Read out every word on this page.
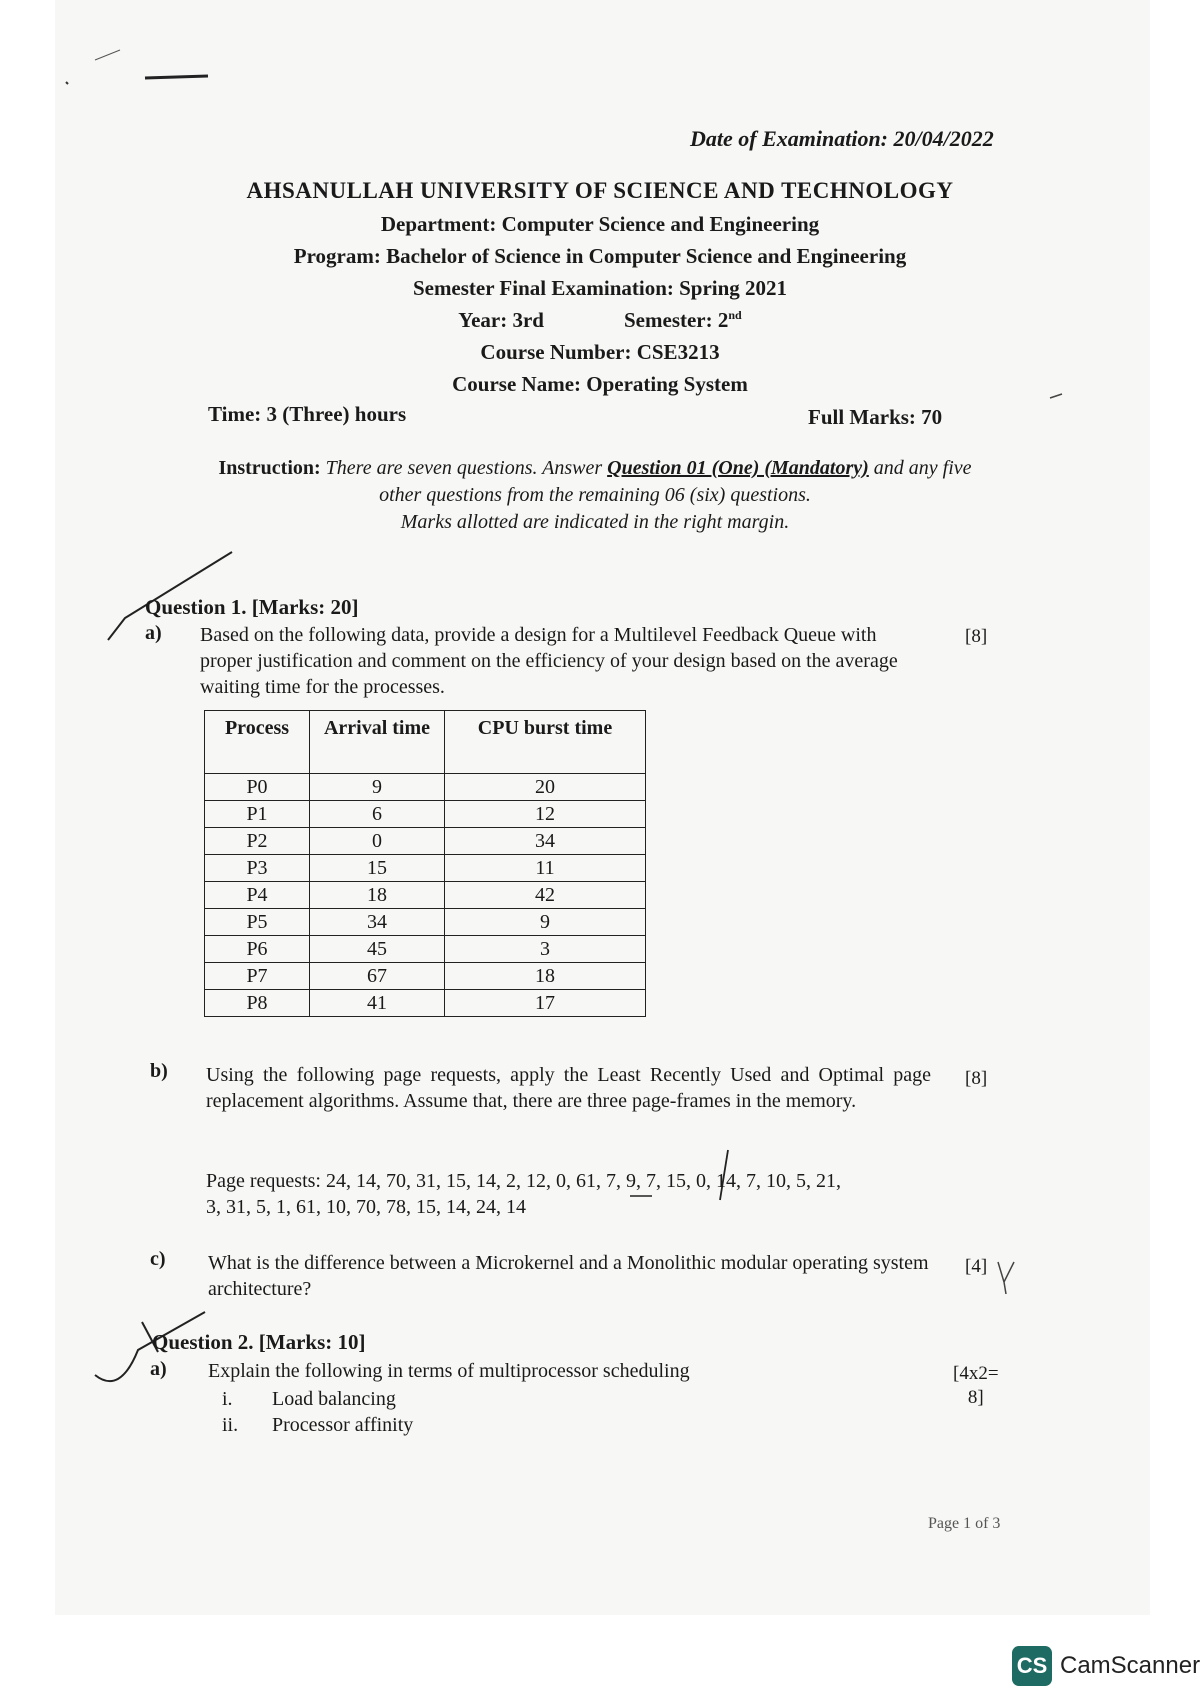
Date of Examination: 20/04/2022
AHSANULLAH UNIVERSITY OF SCIENCE AND TECHNOLOGY
Department: Computer Science and Engineering
Program: Bachelor of Science in Computer Science and Engineering
Semester Final Examination: Spring 2021
Year: 3rd	Semester: 2nd
Course Number: CSE3213
Course Name: Operating System
Time: 3 (Three) hours	Full Marks: 70
Instruction: There are seven questions. Answer Question 01 (One) (Mandatory) and any five
other questions from the remaining 06 (six) questions.
Marks allotted are indicated in the right margin.
Question 1. [Marks: 20]
a) Based on the following data, provide a design for a Multilevel Feedback Queue with proper justification and comment on the efficiency of your design based on the average waiting time for the processes.
[8]
Process	Arrival time	CPU burst time
P0	9	20
P1	6	12
P2	0	34
P3	15	11
P4	18	42
P5	34	9
P6	45	3
P7	67	18
P8	41	17
b) Using the following page requests, apply the Least Recently Used and Optimal page replacement algorithms. Assume that, there are three page-frames in the memory.
[8]
Page requests: 24, 14, 70, 31, 15, 14, 2, 12, 0, 61, 7, 9, 7, 15, 0, 14, 7, 10, 5, 21,
3, 31, 5, 1, 61, 10, 70, 78, 15, 14, 24, 14
c) What is the difference between a Microkernel and a Monolithic modular operating system architecture?
[4]
Question 2. [Marks: 10]
a) Explain the following in terms of multiprocessor scheduling	[4x2=
8]
i. Load balancing
ii. Processor affinity
Page 1 of 3
CS CamScanner
